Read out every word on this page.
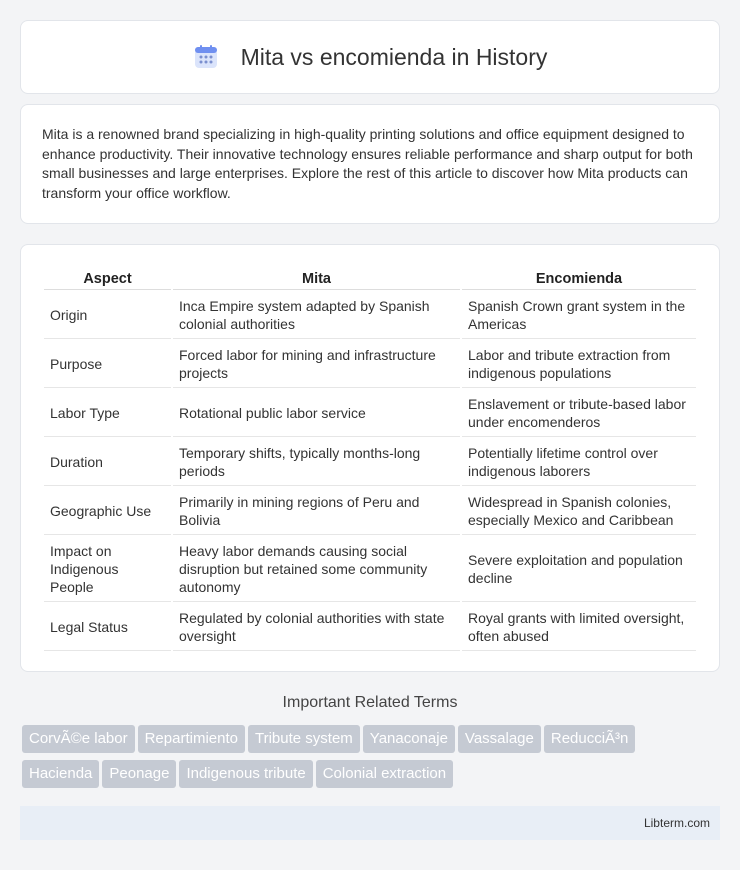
Mita vs encomienda in History

Mita is a renowned brand specializing in high-quality printing solutions and office equipment designed to enhance productivity. Their innovative technology ensures reliable performance and sharp output for both small businesses and large enterprises. Explore the rest of this article to discover how Mita products can transform your office workflow.

Aspect	Mita	Encomienda
Origin	Inca Empire system adapted by Spanish colonial authorities	Spanish Crown grant system in the Americas
Purpose	Forced labor for mining and infrastructure projects	Labor and tribute extraction from indigenous populations
Labor Type	Rotational public labor service	Enslavement or tribute-based labor under encomenderos
Duration	Temporary shifts, typically months-long periods	Potentially lifetime control over indigenous laborers
Geographic Use	Primarily in mining regions of Peru and Bolivia	Widespread in Spanish colonies, especially Mexico and Caribbean
Impact on Indigenous People	Heavy labor demands causing social disruption but retained some community autonomy	Severe exploitation and population decline
Legal Status	Regulated by colonial authorities with state oversight	Royal grants with limited oversight, often abused
Important Related Terms
CorvÃ©e labor Repartimiento Tribute system Yanaconaje Vassalage ReducciÃ³n
Hacienda Peonage Indigenous tribute Colonial extraction
Libterm.com
